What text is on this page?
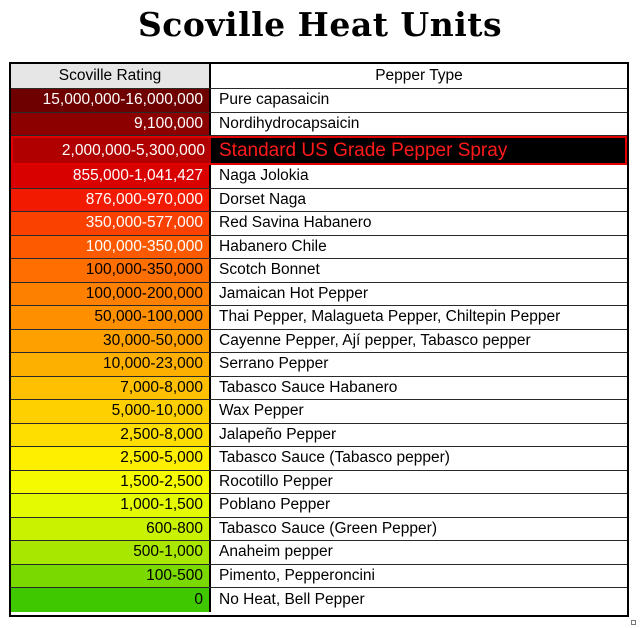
Scoville Heat Units
Scoville Rating	Pepper Type
15,000,000-16,000,000	Pure capasaicin
9,100,000	Nordihydrocapsaicin
2,000,000-5,300,000 Standard US Grade Pepper Spray
855,000-1,041,427	Naga Jolokia
876,000-970,000	Dorset Naga
350,000-577,000	Red Savina Habanero
100,000-350,000	Habanero Chile
100,000-350,000	Scotch Bonnet
100,000-200,000	Jamaican Hot Pepper
50,000-100,000	Thai Pepper, Malagueta Pepper, Chiltepin Pepper
30,000-50,000	Cayenne Pepper, Ají pepper, Tabasco pepper
10,000-23,000	Serrano Pepper
7,000-8,000	Tabasco Sauce Habanero
5,000-10,000	Wax Pepper
2,500-8,000	Jalapeño Pepper
2,500-5,000	Tabasco Sauce (Tabasco pepper)
1,500-2,500	Rocotillo Pepper
1,000-1,500	Poblano Pepper
600-800	Tabasco Sauce (Green Pepper)
500-1,000	Anaheim pepper
100-500	Pimento, Pepperoncini
0	No Heat, Bell Pepper
